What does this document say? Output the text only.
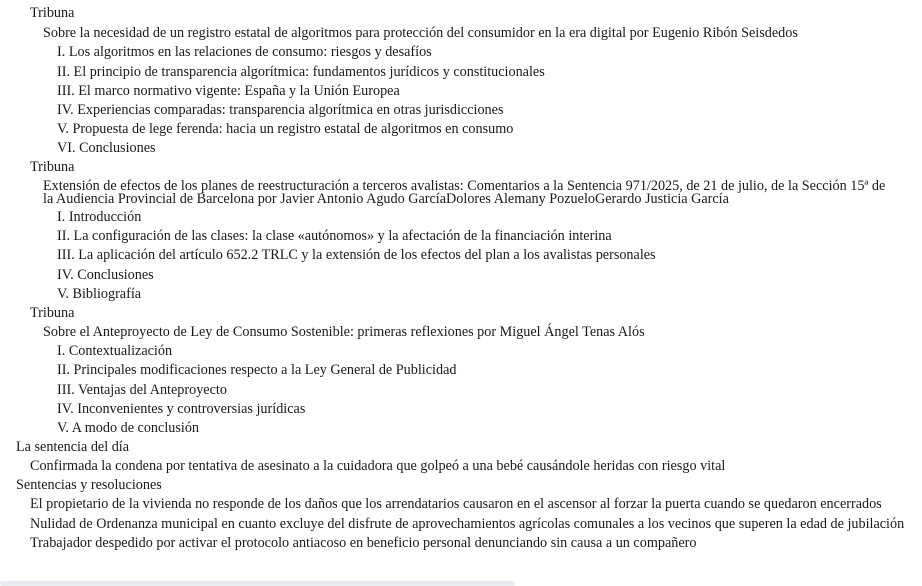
Tribuna
Sobre la necesidad de un registro estatal de algoritmos para protección del consumidor en la era digital por Eugenio Ribón Seisdedos
I. Los algoritmos en las relaciones de consumo: riesgos y desafíos
II. El principio de transparencia algorítmica: fundamentos jurídicos y constitucionales
III. El marco normativo vigente: España y la Unión Europea
IV. Experiencias comparadas: transparencia algorítmica en otras jurisdicciones
V. Propuesta de lege ferenda: hacia un registro estatal de algoritmos en consumo
VI. Conclusiones
Tribuna
Extensión de efectos de los planes de reestructuración a terceros avalistas: Comentarios a la Sentencia 971/2025, de 21 de julio, de la Sección 15ª de la Audiencia Provincial de Barcelona por Javier Antonio Agudo GarcíaDolores Alemany PozueloGerardo Justicia García
I. Introducción
II. La configuración de las clases: la clase «autónomos» y la afectación de la financiación interina
III. La aplicación del artículo 652.2 TRLC y la extensión de los efectos del plan a los avalistas personales
IV. Conclusiones
V. Bibliografía
Tribuna
Sobre el Anteproyecto de Ley de Consumo Sostenible: primeras reflexiones por Miguel Ángel Tenas Alós
I. Contextualización
II. Principales modificaciones respecto a la Ley General de Publicidad
III. Ventajas del Anteproyecto
IV. Inconvenientes y controversias jurídicas
V. A modo de conclusión
La sentencia del día
Confirmada la condena por tentativa de asesinato a la cuidadora que golpeó a una bebé causándole heridas con riesgo vital
Sentencias y resoluciones
El propietario de la vivienda no responde de los daños que los arrendatarios causaron en el ascensor al forzar la puerta cuando se quedaron encerrados
Nulidad de Ordenanza municipal en cuanto excluye del disfrute de aprovechamientos agrícolas comunales a los vecinos que superen la edad de jubilación
Trabajador despedido por activar el protocolo antiacoso en beneficio personal denunciando sin causa a un compañero
